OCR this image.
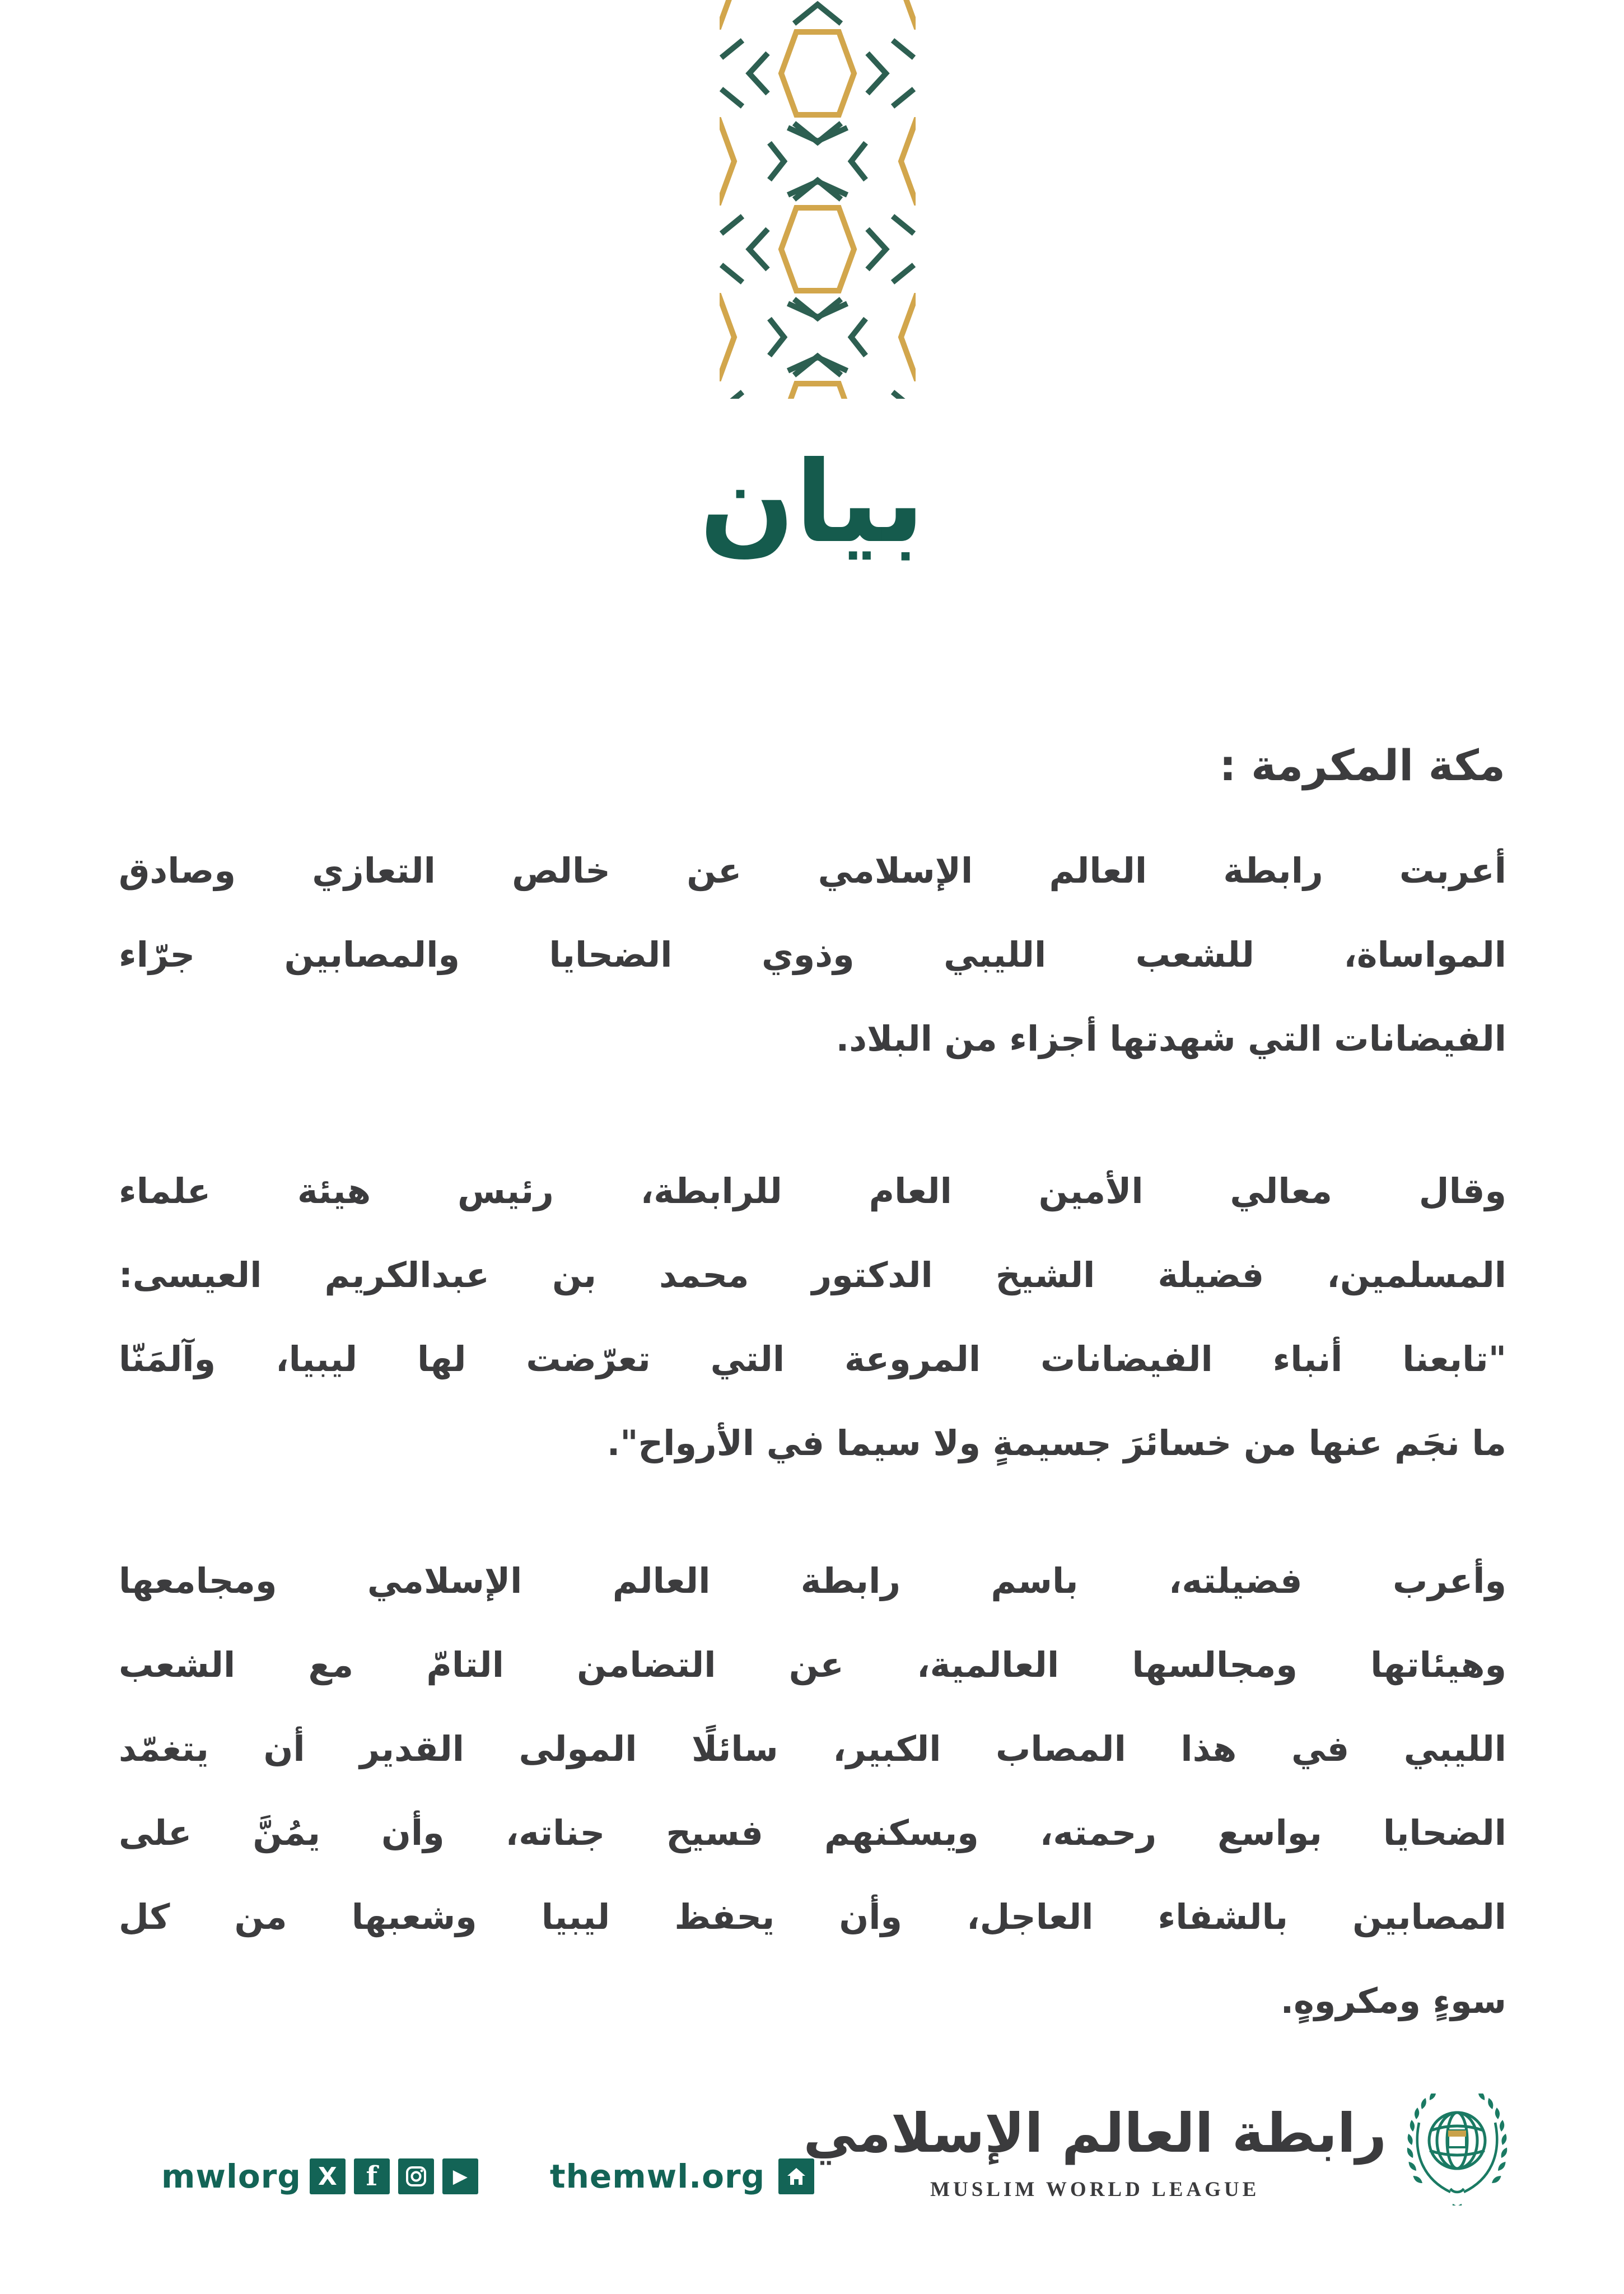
بيان
مكة المكرمة :
أعربت رابطة العالم الإسلامي عن خالص التعازي وصادق
المواساة، للشعب الليبي وذوي الضحايا والمصابين جرّاء
الفيضانات التي شهدتها أجزاء من البلاد.
وقال معالي الأمين العام للرابطة، رئيس هيئة علماء
المسلمين، فضيلة الشيخ الدكتور محمد بن عبدالكريم العيسى:
"تابعنا أنباء الفيضانات المروعة التي تعرّضت لها ليبيا، وآلمَنّا
ما نجَم عنها من خسائرَ جسيمةٍ ولا سيما في الأرواح".
وأعرب فضيلته، باسم رابطة العالم الإسلامي ومجامعها
وهيئاتها ومجالسها العالمية، عن التضامن التامّ مع الشعب
الليبي في هذا المصاب الكبير، سائلًا المولى القدير أن يتغمّد
الضحايا بواسع رحمته، ويسكنهم فسيح جناته، وأن يمُنَّ على
المصابين بالشفاء العاجل، وأن يحفظ ليبيا وشعبها من كل
سوءٍ ومكروهٍ.
mwlorg X f	▶	themwl.org
رابطة العالم الإسلامي
MUSLIM WORLD LEAGUE
